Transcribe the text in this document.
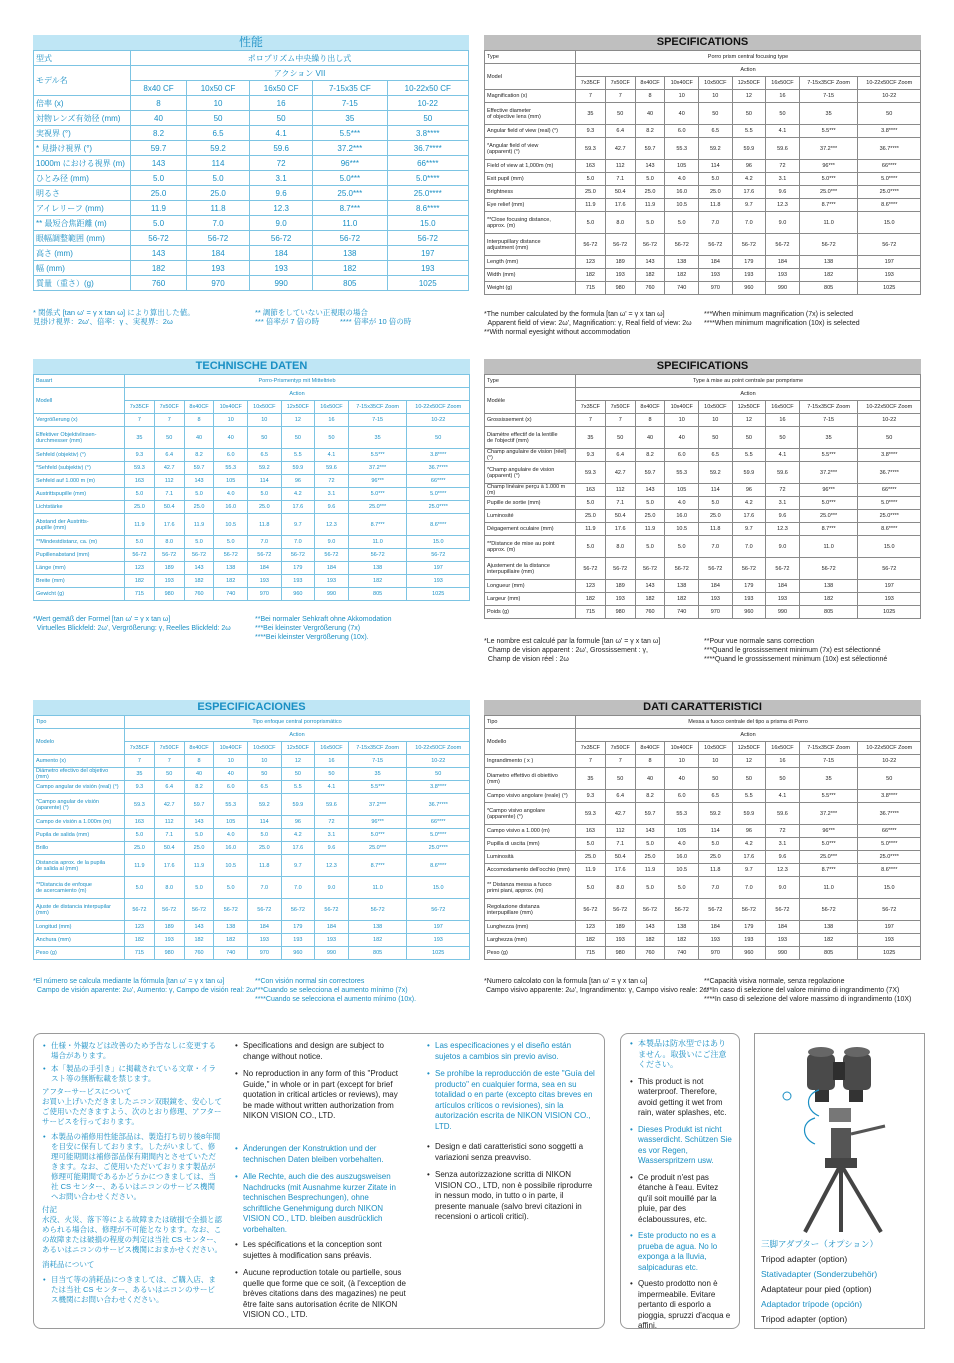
性能
型式	ポロプリズム中央繰り出し式				
モデル名	アクション VII				
	8x40 CF	10x50 CF	16x50 CF	7-15x35 CF	10-22x50 CF
倍率 (x)	8	10	16	7-15	10-22
対物レンズ有効径 (mm)	40	50	50	35	50
実視界 (°)	8.2	6.5	4.1	5.5***	3.8****
* 見掛け視界 (°)	59.7	59.2	59.6	37.2***	36.7****
1000m における視界 (m)	143	114	72	96***	66****
ひとみ径 (mm)	5.0	5.0	3.1	5.0***	5.0****
明るさ	25.0	25.0	9.6	25.0***	25.0****
アイレリーフ (mm)	11.9	11.8	12.3	8.7***	8.6****
** 最短合焦距離 (m)	5.0	7.0	9.0	11.0	15.0
眼幅調整範囲 (mm)	56-72	56-72	56-72	56-72	56-72
高さ (mm)	143	184	184	138	197
幅 (mm)	182	193	193	182	193
質量（重さ）(g)	760	970	990	805	1025
* 関係式 [tan ω' = γ x tan ω] により算出した値。
見掛け視界：2ω'、倍率：γ 、実視界：2ω
** 調節をしていない正視眼の場合
*** 倍率が 7 倍の時          **** 倍率が 10 倍の時
SPECIFICATIONS
Type	Porro prism central focusing type								
Model	Action								
	7x35CF	7x50CF	8x40CF	10x40CF	10x50CF	12x50CF	16x50CF	7-15x35CF Zoom	10-22x50CF Zoom
Magnification (x)	7	7	8	10	10	12	16	7-15	10-22
Effective diameter
of objective lens (mm)	35	50	40	40	50	50	50	35	50
Angular field of view (real) (°)	9.3	6.4	8.2	6.0	6.5	5.5	4.1	5.5***	3.8****
*Angular field of view
(apparent) (°)	59.3	42.7	59.7	55.3	59.2	59.9	59.6	37.2***	36.7****
Field of view at 1,000m (m)	163	112	143	105	114	96	72	96***	66****
Exit pupil (mm)	5.0	7.1	5.0	4.0	5.0	4.2	3.1	5.0***	5.0****
Brightness	25.0	50.4	25.0	16.0	25.0	17.6	9.6	25.0***	25.0****
Eye relief (mm)	11.9	17.6	11.9	10.5	11.8	9.7	12.3	8.7***	8.6****
**Close focusing distance,
approx. (m)	5.0	8.0	5.0	5.0	7.0	7.0	9.0	11.0	15.0
Interpupillary distance
adjustment (mm)	56-72	56-72	56-72	56-72	56-72	56-72	56-72	56-72	56-72
Length (mm)	123	189	143	138	184	179	184	138	197
Width (mm)	182	193	182	182	193	193	193	182	193
Weight (g)	715	980	760	740	970	960	990	805	1025
*The number calculated by the formula [tan ω' = γ x tan ω]
Apparent field of view: 2ω', Magnification: γ, Real field of view: 2ω
**With normal eyesight without accommodation
***When minimum magnification (7x) is selected
****When minimum magnification (10x) is selected
TECHNISCHE DATEN
Bauart	Porro-Prismentyp mit Mitteltrieb								
Modell	Action								
	7x35CF	7x50CF	8x40CF	10x40CF	10x50CF	12x50CF	16x50CF	7-15x35CF Zoom	10-22x50CF Zoom
Vergrößerung (x)	7	7	8	10	10	12	16	7-15	10-22
Effektiver Objektivlinsen-
durchmesser (mm)	35	50	40	40	50	50	50	35	50
Sehfeld (objektiv) (°)	9.3	6.4	8.2	6.0	6.5	5.5	4.1	5.5***	3.8****
*Sehfeld (subjektiv) (°)	59.3	42.7	59.7	55.3	59.2	59.9	59.6	37.2***	36.7****
Sehfeld auf 1.000 m (m)	163	112	143	105	114	96	72	96***	66****
Austrittspupille (mm)	5.0	7.1	5.0	4.0	5.0	4.2	3.1	5.0***	5.0****
Lichtstärke	25.0	50.4	25.0	16.0	25.0	17.6	9.6	25.0***	25.0****
Abstand der Austritts-
pupille (mm)	11.9	17.6	11.9	10.5	11.8	9.7	12.3	8.7***	8.6****
**Mindestdistanz, ca. (m)	5.0	8.0	5.0	5.0	7.0	7.0	9.0	11.0	15.0
Pupillenabstand (mm)	56-72	56-72	56-72	56-72	56-72	56-72	56-72	56-72	56-72
Länge (mm)	123	189	143	138	184	179	184	138	197
Breite (mm)	182	193	182	182	193	193	193	182	193
Gewicht (g)	715	980	760	740	970	960	990	805	1025
*Wert gemäß der Formel [tan ω' = γ x tan ω]
Virtuelles Blickfeld: 2ω', Vergrößerung: γ, Reelles Blickfeld: 2ω
**Bei normaler Sehkraft ohne Akkomodation
***Bei kleinster Vergrößerung (7x)
****Bei kleinster Vergrößerung (10x).
SPECIFICATIONS
Type	Type à mise au point centrale par pomprisme								
Modèle	Action								
	7x35CF	7x50CF	8x40CF	10x40CF	10x50CF	12x50CF	16x50CF	7-15x35CF Zoom	10-22x50CF Zoom
Grossissement (x)	7	7	8	10	10	12	16	7-15	10-22
Diamètre effectif de la lentille
de l'objectif (mm)	35	50	40	40	50	50	50	35	50
Champ angulaire de vision (réel) (°)	9.3	6.4	8.2	6.0	6.5	5.5	4.1	5.5***	3.8****
*Champ angulaire de vision
(apparent) (°)	59.3	42.7	59.7	55.3	59.2	59.9	59.6	37.2***	36.7****
Champ linéaire perçu à 1.000 m (m)	163	112	143	105	114	96	72	96***	66****
Pupille de sortie (mm)	5.0	7.1	5.0	4.0	5.0	4.2	3.1	5.0***	5.0****
Luminosité	25.0	50.4	25.0	16.0	25.0	17.6	9.6	25.0***	25.0****
Dégagement oculaire (mm)	11.9	17.6	11.9	10.5	11.8	9.7	12.3	8.7***	8.6****
**Distance de mise au point
approx. (m)	5.0	8.0	5.0	5.0	7.0	7.0	9.0	11.0	15.0
Ajustement de la distance
interpupillaire (mm)	56-72	56-72	56-72	56-72	56-72	56-72	56-72	56-72	56-72
Longueur (mm)	123	189	143	138	184	179	184	138	197
Largeur (mm)	182	193	182	182	193	193	193	182	193
Poids (g)	715	980	760	740	970	960	990	805	1025
*Le nombre est calculé par la formule [tan ω' = γ x tan ω]
Champ de vision apparent : 2ω', Grossissement : γ,
Champ de vision réel : 2ω
**Pour vue normale sans correction
***Quand le grossissement minimum (7x) est sélectionné
****Quand le grossissement minimum (10x) est sélectionné
ESPECIFICACIONES
Tipo	Tipo enfoque central porroprismático								
Modelo	Action								
	7x35CF	7x50CF	8x40CF	10x40CF	10x50CF	12x50CF	16x50CF	7-15x35CF Zoom	10-22x50CF Zoom
Aumento (x)	7	7	8	10	10	12	16	7-15	10-22
Diámetro efectivo del objetivo (mm)	35	50	40	40	50	50	50	35	50
Campo angular de visión (real) (°)	9.3	6.4	8.2	6.0	6.5	5.5	4.1	5.5***	3.8****
*Campo angular de visión
(aparente) (°)	59.3	42.7	59.7	55.3	59.2	59.9	59.6	37.2***	36.7****
Campo de visión a 1.000m (m)	163	112	143	105	114	96	72	96***	66****
Pupila de salida (mm)	5.0	7.1	5.0	4.0	5.0	4.2	3.1	5.0***	5.0****
Brillo	25.0	50.4	25.0	16.0	25.0	17.6	9.6	25.0***	25.0****
Distancia aprox. de la pupila
de salida al (mm)	11.9	17.6	11.9	10.5	11.8	9.7	12.3	8.7***	8.6****
**Distancia de enfoque
de acercamiento (m)	5.0	8.0	5.0	5.0	7.0	7.0	9.0	11.0	15.0
Ajuste de distancia interpupilar
(mm)	56-72	56-72	56-72	56-72	56-72	56-72	56-72	56-72	56-72
Longitud (mm)	123	189	143	138	184	179	184	138	197
Anchura (mm)	182	193	182	182	193	193	193	182	193
Peso (g)	715	980	760	740	970	960	990	805	1025
*El número se calcula mediante la fórmula [tan ω' = γ x tan ω]
Campo de visión aparente: 2ω', Aumento: γ, Campo de visión real: 2ω
**Con visión normal sin correctores
***Cuando se selecciona el aumento mínimo (7x)
****Cuando se selecciona el aumento mínimo (10x).
DATI CARATTERISTICI
Tipo	Messa a fuoco centrale del tipo a prisma di Porro								
Modello	Action								
	7x35CF	7x50CF	8x40CF	10x40CF	10x50CF	12x50CF	16x50CF	7-15x35CF Zoom	10-22x50CF Zoom
Ingrandimento ( x )	7	7	8	10	10	12	16	7-15	10-22
Diametro effettivo di obiettivo
(mm)	35	50	40	40	50	50	50	35	50
Campo visivo angolare (reale) (°)	9.3	6.4	8.2	6.0	6.5	5.5	4.1	5.5***	3.8****
*Campo visivo angolare
(apparente) (°)	59.3	42.7	59.7	55.3	59.2	59.9	59.6	37.2***	36.7****
Campo visivo a 1.000 (m)	163	112	143	105	114	96	72	96***	66****
Pupilla di uscita (mm)	5.0	7.1	5.0	4.0	5.0	4.2	3.1	5.0***	5.0****
Luminosità	25.0	50.4	25.0	16.0	25.0	17.6	9.6	25.0***	25.0****
Accomodamento dell'occhio (mm)	11.9	17.6	11.9	10.5	11.8	9.7	12.3	8.7***	8.6****
** Distanza messa a fuoco
primi piani, approx. (m)	5.0	8.0	5.0	5.0	7.0	7.0	9.0	11.0	15.0
Regolazione distanza
interpupillare (mm)	56-72	56-72	56-72	56-72	56-72	56-72	56-72	56-72	56-72
Lunghezza (mm)	123	189	143	138	184	179	184	138	197
Larghezza (mm)	182	193	182	182	193	193	193	182	193
Peso (g)	715	980	760	740	970	960	990	805	1025
*Numero calcolato con la formula [tan ω' = γ x tan ω]
Campo visivo apparente: 2ω', Ingrandimento: γ, Campo visivo reale: 2ω
**Capacità visiva normale, senza regolazione
***In caso di selezione del valore minimo di ingrandimento (7X)
****In caso di selezione del valore massimo di ingrandimento (10X)
• 仕様・外観などは改善のため予告なしに変更する場合があります。
• 本「製品の手引き」に掲載されている文章・イラスト等の無断転載を禁じます。
アフターサービスについて
お買い上げいただきましたニコン双眼鏡を、安心してご使用いただきますよう、次のとおり修理、アフターサービスを行っております。
• 本製品の補修用性能部品は、製造打ち切り後8年間を目安に保有しております。したがいまして、修理可能期間は補修部品保有期間内とさせていただきます。なお、ご使用いただいております製品が修理可能期間であるかどうかにつきましては、当社 CS センター、あるいはニコンのサービス機関へお問い合わせください。
付記
水没、火災、落下等による故障または破損で全損と認められる場合は、修理が不可能となります。なお、この故障または破損の程度の判定は当社 CS センター、あるいはニコンのサービス機関におまかせください。
消耗品について
• 目当て等の消耗品につきましては、ご購入店、または当社 CS センター、あるいはニコンのサービス機関にお問い合わせください。
• Specifications and design are subject to change without notice.
• No reproduction in any form of this "Product Guide," in whole or in part (except for brief quotation in critical articles or reviews), may be made without written authorization from NIKON VISION CO., LTD.
• Änderungen der Konstruktion und der technischen Daten bleiben vorbehalten.
• Alle Rechte, auch die des auszugsweisen Nachdrucks (mit Ausnahme kurzer Zitate in technischen Besprechungen), ohne schriftliche Genehmigung durch NIKON VISION CO., LTD. bleiben ausdrücklich vorbehalten.
• Les spécifications et la conception sont sujettes à modification sans préavis.
• Aucune reproduction totale ou partielle, sous quelle que forme que ce soit, (à l'exception de brèves citations dans des magazines) ne peut être faite sans autorisation écrite de NIKON VISION CO., LTD.
• Las especificaciones y el diseño están sujetos a cambios sin previo aviso.
• Se prohíbe la reproducción de este "Guía del producto" en cualquier forma, sea en su totalidad o en parte (excepto citas breves en artículos críticos o revisiones), sin la autorización escrita de NIKON VISION CO., LTD.
• Design e dati caratteristici sono soggetti a variazioni senza preavviso.
• Senza autorizzazione scritta di NIKON VISION CO., LTD, non è possibile riprodurre in nessun modo, in tutto o in parte, il presente manuale (salvo brevi citazioni in recensioni o articoli critici).
• 本製品は防水型ではありません。取扱いにご注意ください。
• This product is not waterproof. Therefore, avoid getting it wet from rain, water splashes, etc.
• Dieses Produkt ist nicht wasserdicht. Schützen Sie es vor Regen, Wasserspritzern usw.
• Ce produit n'est pas étanche à l'eau. Evitez qu'il soit mouillé par la pluie, par des éclaboussures, etc.
• Este producto no es a prueba de agua. No lo exponga a la lluvia, salpicaduras etc.
• Questo prodotto non è impermeabile. Evitare pertanto di esporlo a pioggia, spruzzi d'acqua e affini.
三脚アダプター（オプション）
Tripod adapter (option)
Stativadapter (Sonderzubehör)
Adaptateur pour pied (option)
Adaptador trípode (opción)
Tripod adapter (option)
